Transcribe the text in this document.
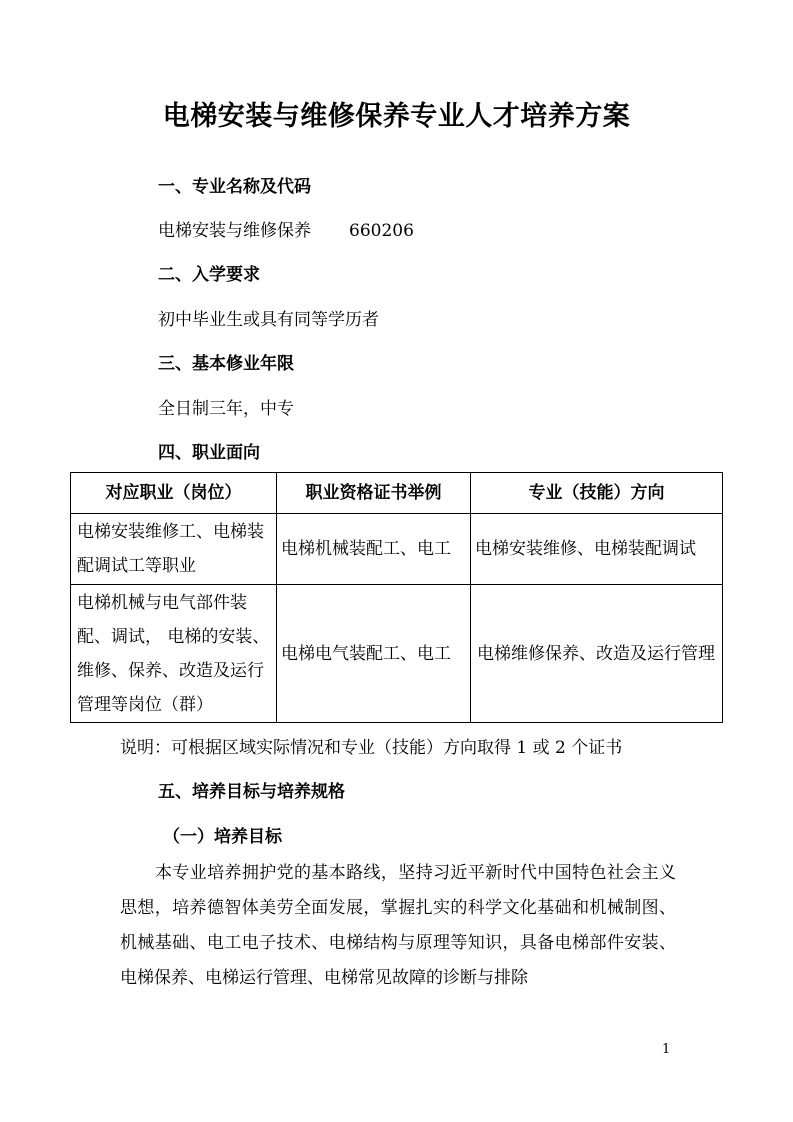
电梯安装与维修保养专业人才培养方案
一、专业名称及代码
电梯安装与维修保养 660206
二、入学要求
初中毕业生或具有同等学历者
三、基本修业年限
全日制三年，中专
四、职业面向
对应职业（岗位）	职业资格证书举例	专业（技能）方向
电梯安装维修工、电梯装配调试工等职业	电梯机械装配工、电工	电梯安装维修、电梯装配调试
电梯机械与电气部件装配、调试， 电梯的安装、维修、保养、改造及运行管理等岗位（群）	电梯电气装配工、电工	电梯维修保养、改造及运行管理
说明：可根据区域实际情况和专业（技能）方向取得 1 或 2 个证书
五、培养目标与培养规格
（一）培养目标
本专业培养拥护党的基本路线，坚持习近平新时代中国特色社会主义思想，培养德智体美劳全面发展，掌握扎实的科学文化基础和机械制图、机械基础、电工电子技术、电梯结构与原理等知识，具备电梯部件安装、电梯保养、电梯运行管理、电梯常见故障的诊断与排除
1
